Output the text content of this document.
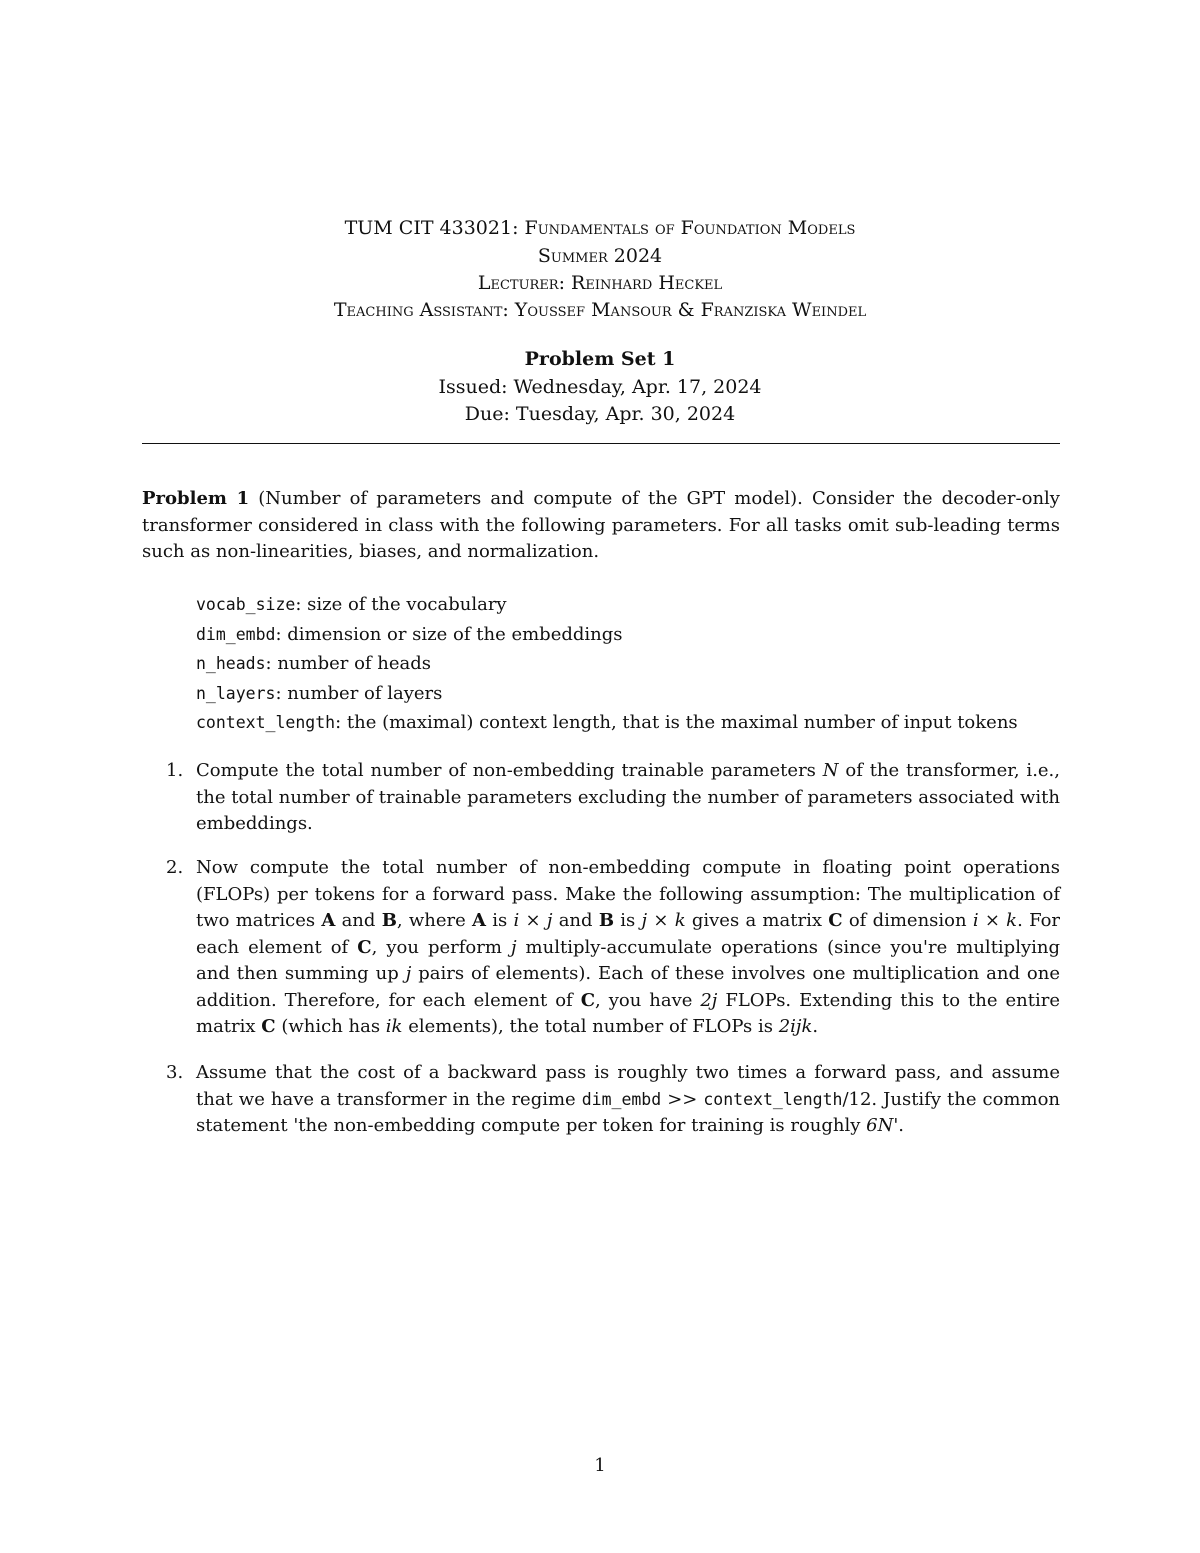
TUM CIT 433021: Fundamentals of Foundation Models
Summer 2024
Lecturer: Reinhard Heckel
Teaching Assistant: Youssef Mansour & Franziska Weindel
Problem Set 1
Issued: Wednesday, Apr. 17, 2024
Due: Tuesday, Apr. 30, 2024
Problem 1 (Number of parameters and compute of the GPT model). Consider the decoder-only transformer considered in class with the following parameters. For all tasks omit sub-leading terms such as non-linearities, biases, and normalization.
vocab_size: size of the vocabulary
dim_embd: dimension or size of the embeddings
n_heads: number of heads
n_layers: number of layers
context_length: the (maximal) context length, that is the maximal number of input tokens
1. Compute the total number of non-embedding trainable parameters N of the transformer, i.e., the total number of trainable parameters excluding the number of parameters associated with embeddings.
2. Now compute the total number of non-embedding compute in floating point operations (FLOPs) per tokens for a forward pass. Make the following assumption: The multiplication of two matrices A and B, where A is i × j and B is j × k gives a matrix C of dimension i × k. For each element of C, you perform j multiply-accumulate operations (since you're multiplying and then summing up j pairs of elements). Each of these involves one multiplication and one addition. Therefore, for each element of C, you have 2j FLOPs. Extending this to the entire matrix C (which has ik elements), the total number of FLOPs is 2ijk.
3. Assume that the cost of a backward pass is roughly two times a forward pass, and assume that we have a transformer in the regime dim_embd >> context_length/12. Justify the common statement 'the non-embedding compute per token for training is roughly 6N'.
1
